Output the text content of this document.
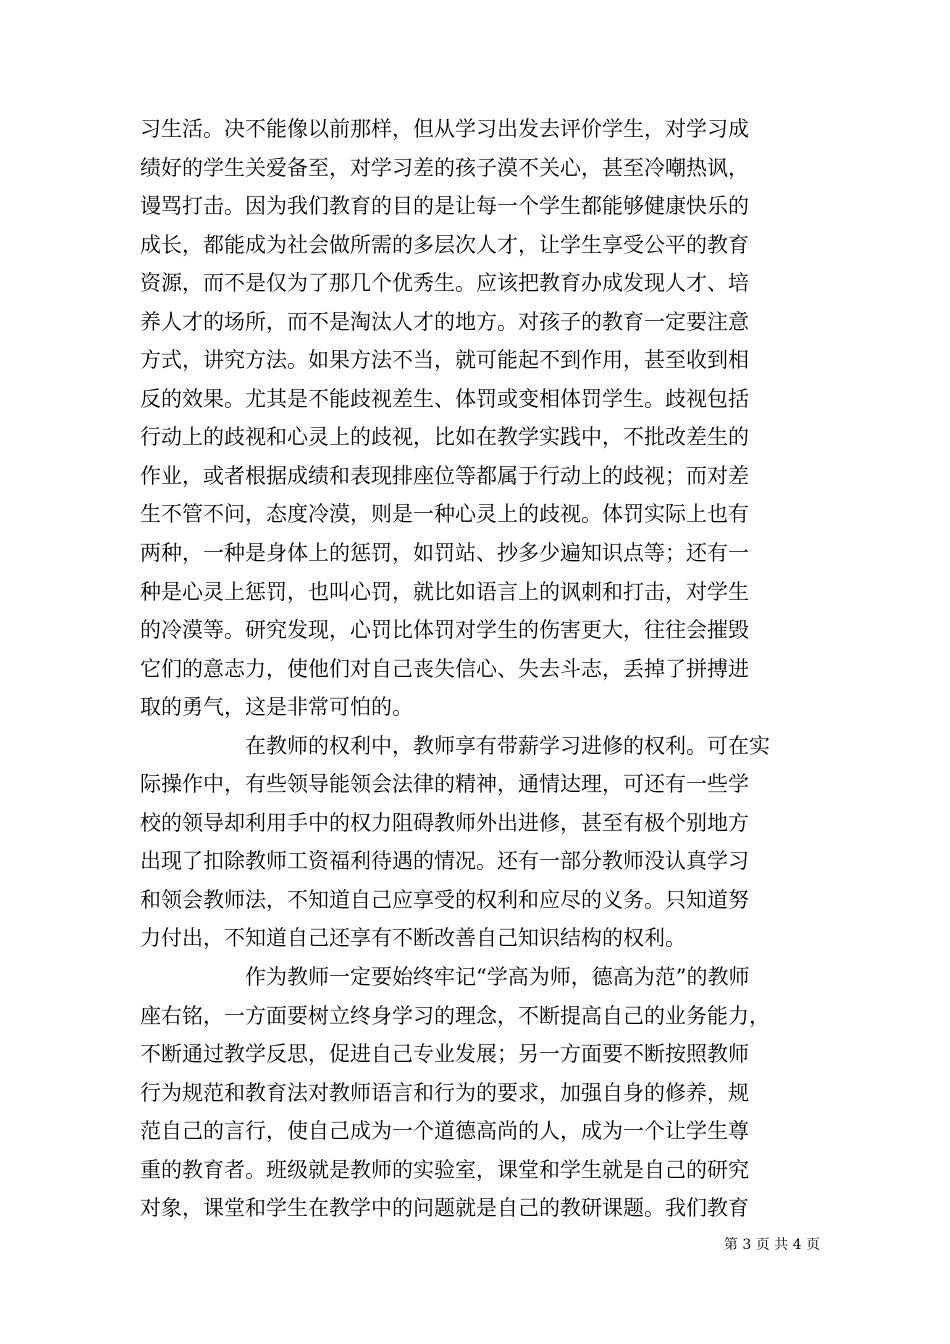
习生活。决不能像以前那样，但从学习出发去评价学生，对学习成
绩好的学生关爱备至，对学习差的孩子漠不关心，甚至冷嘲热讽，
谩骂打击。因为我们教育的目的是让每一个学生都能够健康快乐的
成长，都能成为社会做所需的多层次人才，让学生享受公平的教育
资源，而不是仅为了那几个优秀生。应该把教育办成发现人才、培
养人才的场所，而不是淘汰人才的地方。对孩子的教育一定要注意
方式，讲究方法。如果方法不当，就可能起不到作用，甚至收到相
反的效果。尤其是不能歧视差生、体罚或变相体罚学生。歧视包括
行动上的歧视和心灵上的歧视，比如在教学实践中，不批改差生的
作业，或者根据成绩和表现排座位等都属于行动上的歧视；而对差
生不管不问，态度冷漠，则是一种心灵上的歧视。体罚实际上也有
两种，一种是身体上的惩罚，如罚站、抄多少遍知识点等；还有一
种是心灵上惩罚，也叫心罚，就比如语言上的讽刺和打击，对学生
的冷漠等。研究发现，心罚比体罚对学生的伤害更大，往往会摧毁
它们的意志力，使他们对自己丧失信心、失去斗志，丢掉了拼搏进
取的勇气，这是非常可怕的。
在教师的权利中，教师享有带薪学习进修的权利。可在实
际操作中，有些领导能领会法律的精神，通情达理，可还有一些学
校的领导却利用手中的权力阻碍教师外出进修，甚至有极个别地方
出现了扣除教师工资福利待遇的情况。还有一部分教师没认真学习
和领会教师法，不知道自己应享受的权利和应尽的义务。只知道努
力付出，不知道自己还享有不断改善自己知识结构的权利。
作为教师一定要始终牢记“学高为师，德高为范”的教师
座右铭，一方面要树立终身学习的理念，不断提高自己的业务能力，
不断通过教学反思，促进自己专业发展；另一方面要不断按照教师
行为规范和教育法对教师语言和行为的要求，加强自身的修养，规
范自己的言行，使自己成为一个道德高尚的人，成为一个让学生尊
重的教育者。班级就是教师的实验室，课堂和学生就是自己的研究
对象，课堂和学生在教学中的问题就是自己的教研课题。我们教育
第 3 页 共 4 页
